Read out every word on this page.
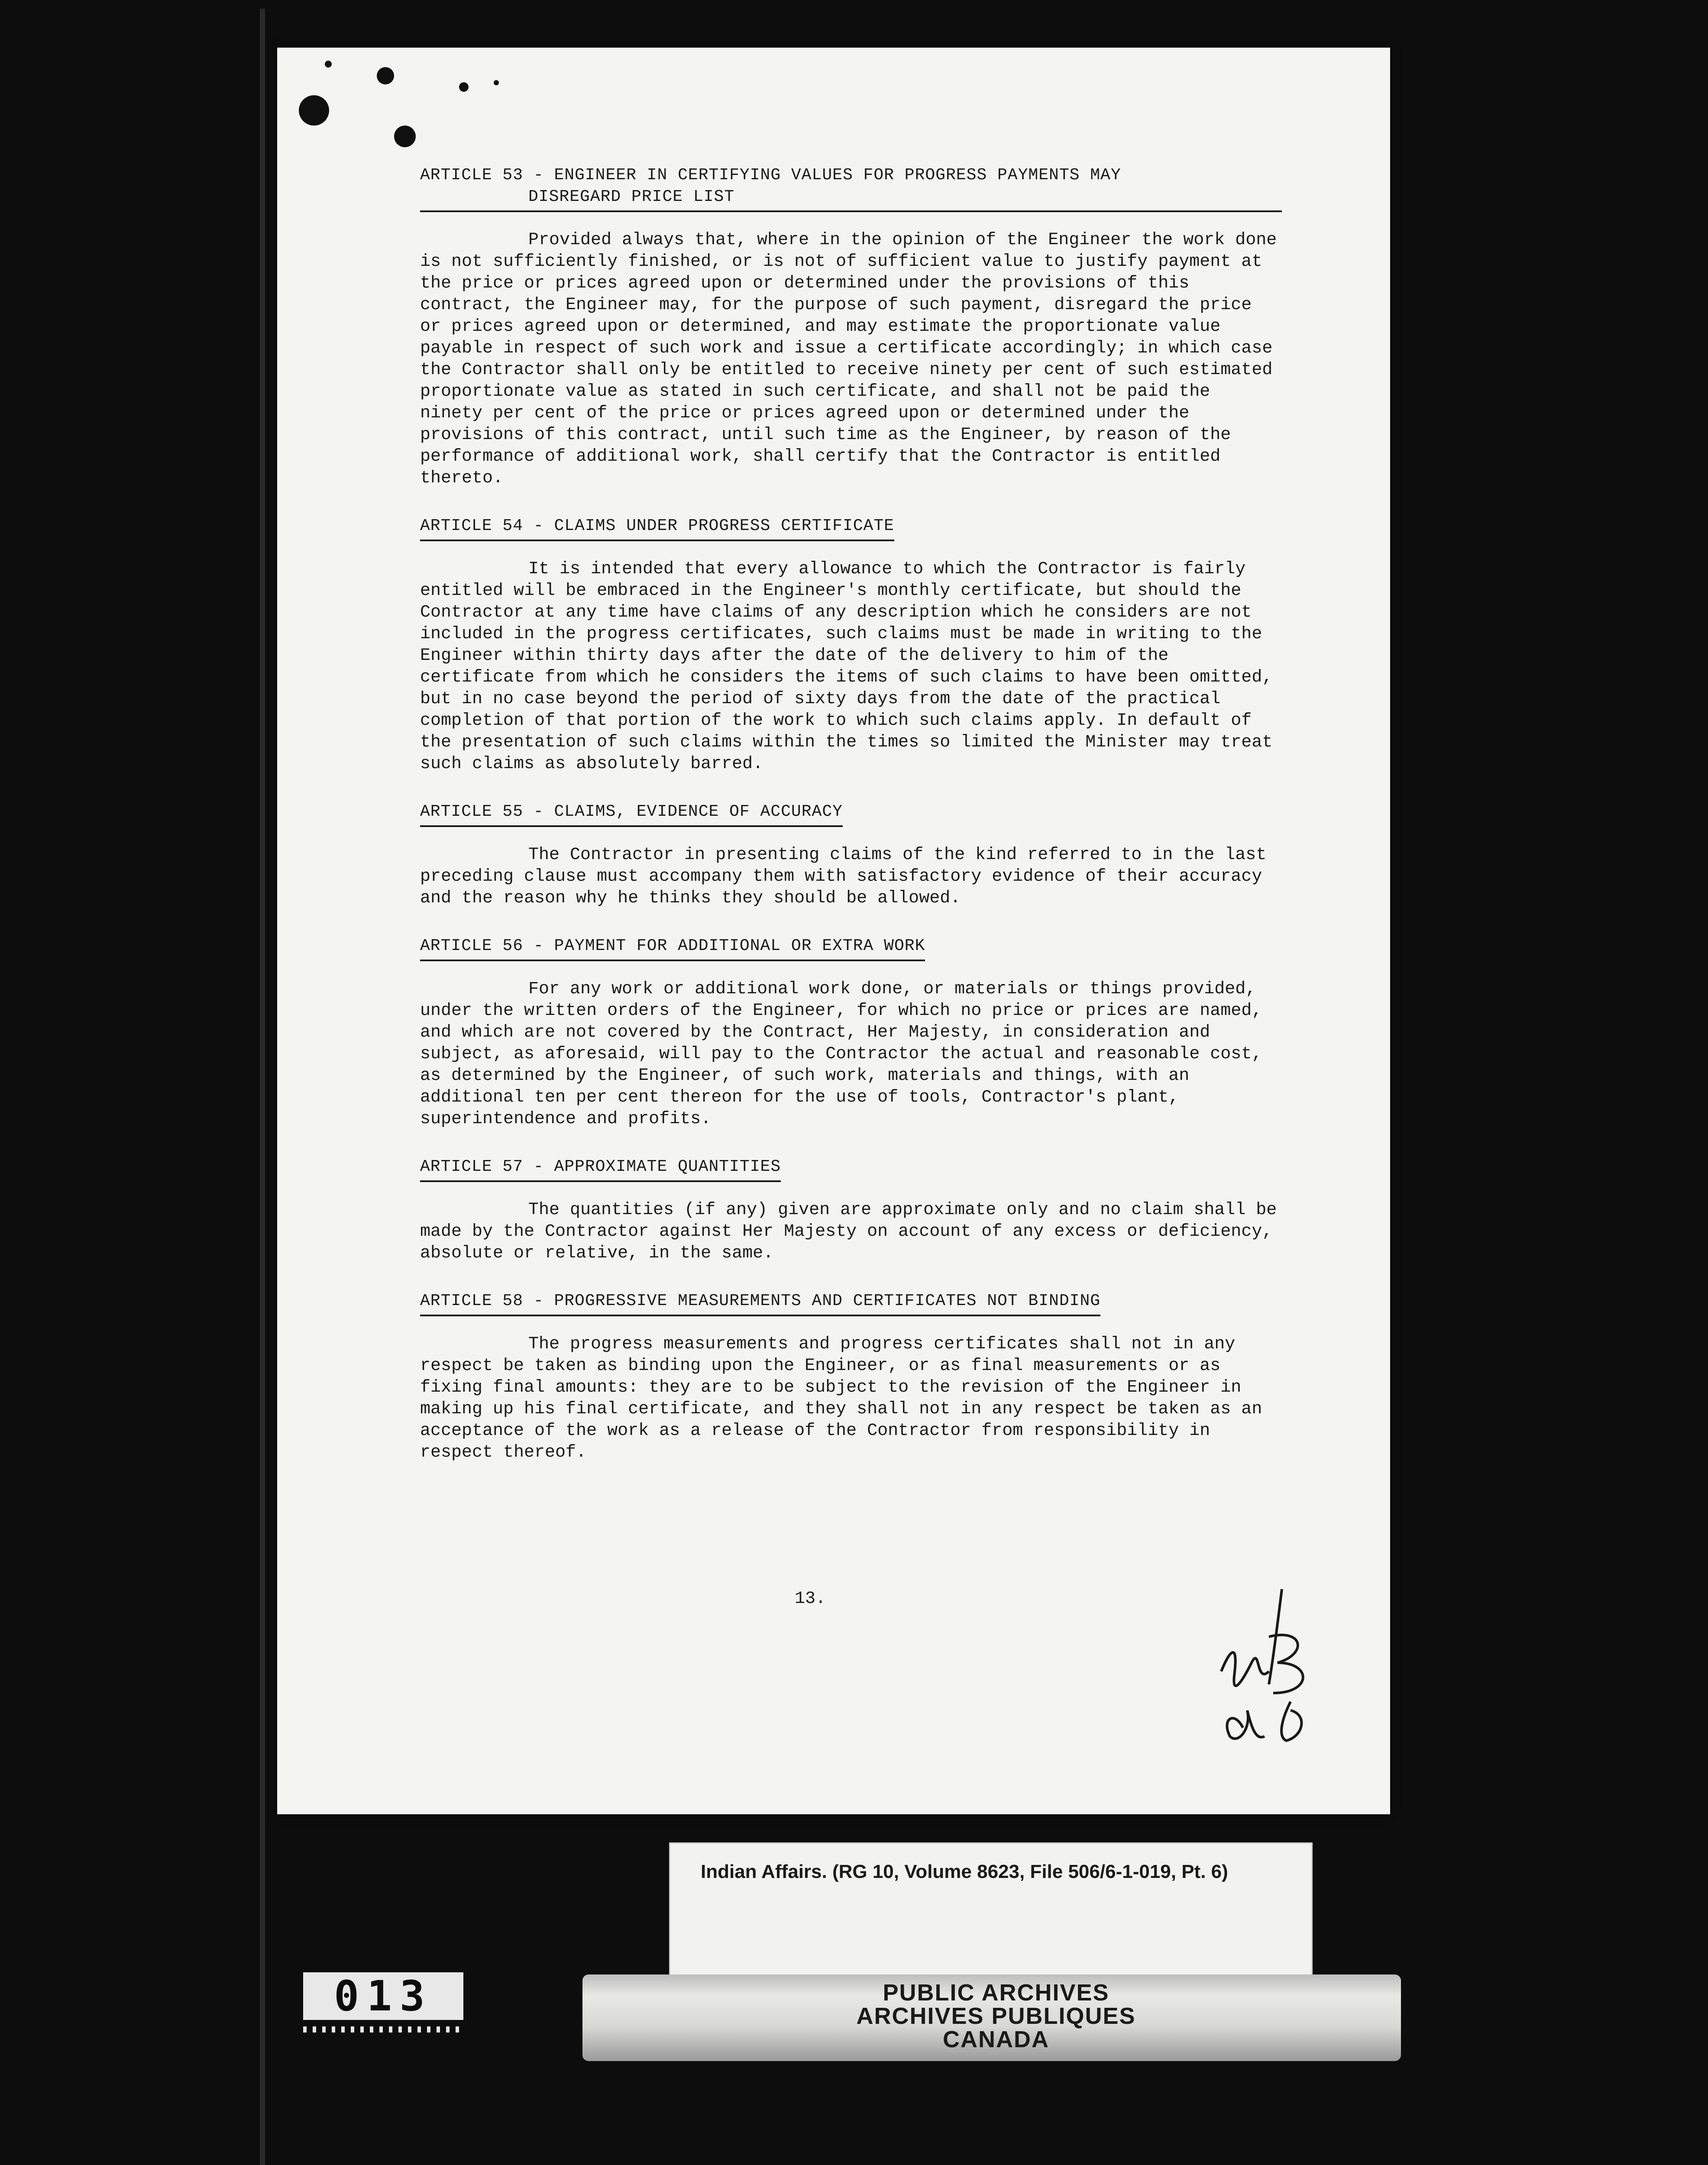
ARTICLE 53 - ENGINEER IN CERTIFYING VALUES FOR PROGRESS PAYMENTS MAY
DISREGARD PRICE LIST

Provided always that, where in the opinion of the Engineer the work done is not sufficiently finished, or is not of sufficient value to justify payment at the price or prices agreed upon or determined under the provisions of this contract, the Engineer may, for the purpose of such payment, disregard the price or prices agreed upon or determined, and may estimate the proportionate value payable in respect of such work and issue a certificate accordingly; in which case the Contractor shall only be entitled to receive ninety per cent of such estimated proportionate value as stated in such certificate, and shall not be paid the ninety per cent of the price or prices agreed upon or determined under the provisions of this contract, until such time as the Engineer, by reason of the performance of additional work, shall certify that the Contractor is entitled thereto.

ARTICLE 54 - CLAIMS UNDER PROGRESS CERTIFICATE

It is intended that every allowance to which the Contractor is fairly entitled will be embraced in the Engineer's monthly certificate, but should the Contractor at any time have claims of any description which he considers are not included in the progress certificates, such claims must be made in writing to the Engineer within thirty days after the date of the delivery to him of the certificate from which he considers the items of such claims to have been omitted, but in no case beyond the period of sixty days from the date of the practical completion of that portion of the work to which such claims apply. In default of the presentation of such claims within the times so limited the Minister may treat such claims as absolutely barred.

ARTICLE 55 - CLAIMS, EVIDENCE OF ACCURACY

The Contractor in presenting claims of the kind referred to in the last preceding clause must accompany them with satisfactory evidence of their accuracy and the reason why he thinks they should be allowed.

ARTICLE 56 - PAYMENT FOR ADDITIONAL OR EXTRA WORK

For any work or additional work done, or materials or things provided, under the written orders of the Engineer, for which no price or prices are named, and which are not covered by the Contract, Her Majesty, in consideration and subject, as aforesaid, will pay to the Contractor the actual and reasonable cost, as determined by the Engineer, of such work, materials and things, with an additional ten per cent thereon for the use of tools, Contractor's plant, superintendence and profits.

ARTICLE 57 - APPROXIMATE QUANTITIES

The quantities (if any) given are approximate only and no claim shall be made by the Contractor against Her Majesty on account of any excess or deficiency, absolute or relative, in the same.

ARTICLE 58 - PROGRESSIVE MEASUREMENTS AND CERTIFICATES NOT BINDING

The progress measurements and progress certificates shall not in any respect be taken as binding upon the Engineer, or as final measurements or as fixing final amounts: they are to be subject to the revision of the Engineer in making up his final certificate, and they shall not in any respect be taken as an acceptance of the work as a release of the Contractor from responsibility in respect thereof.

13.
Indian Affairs. (RG 10, Volume 8623, File 506/6-1-019, Pt. 6)
PUBLIC ARCHIVES
ARCHIVES PUBLIQUES
CANADA
013
